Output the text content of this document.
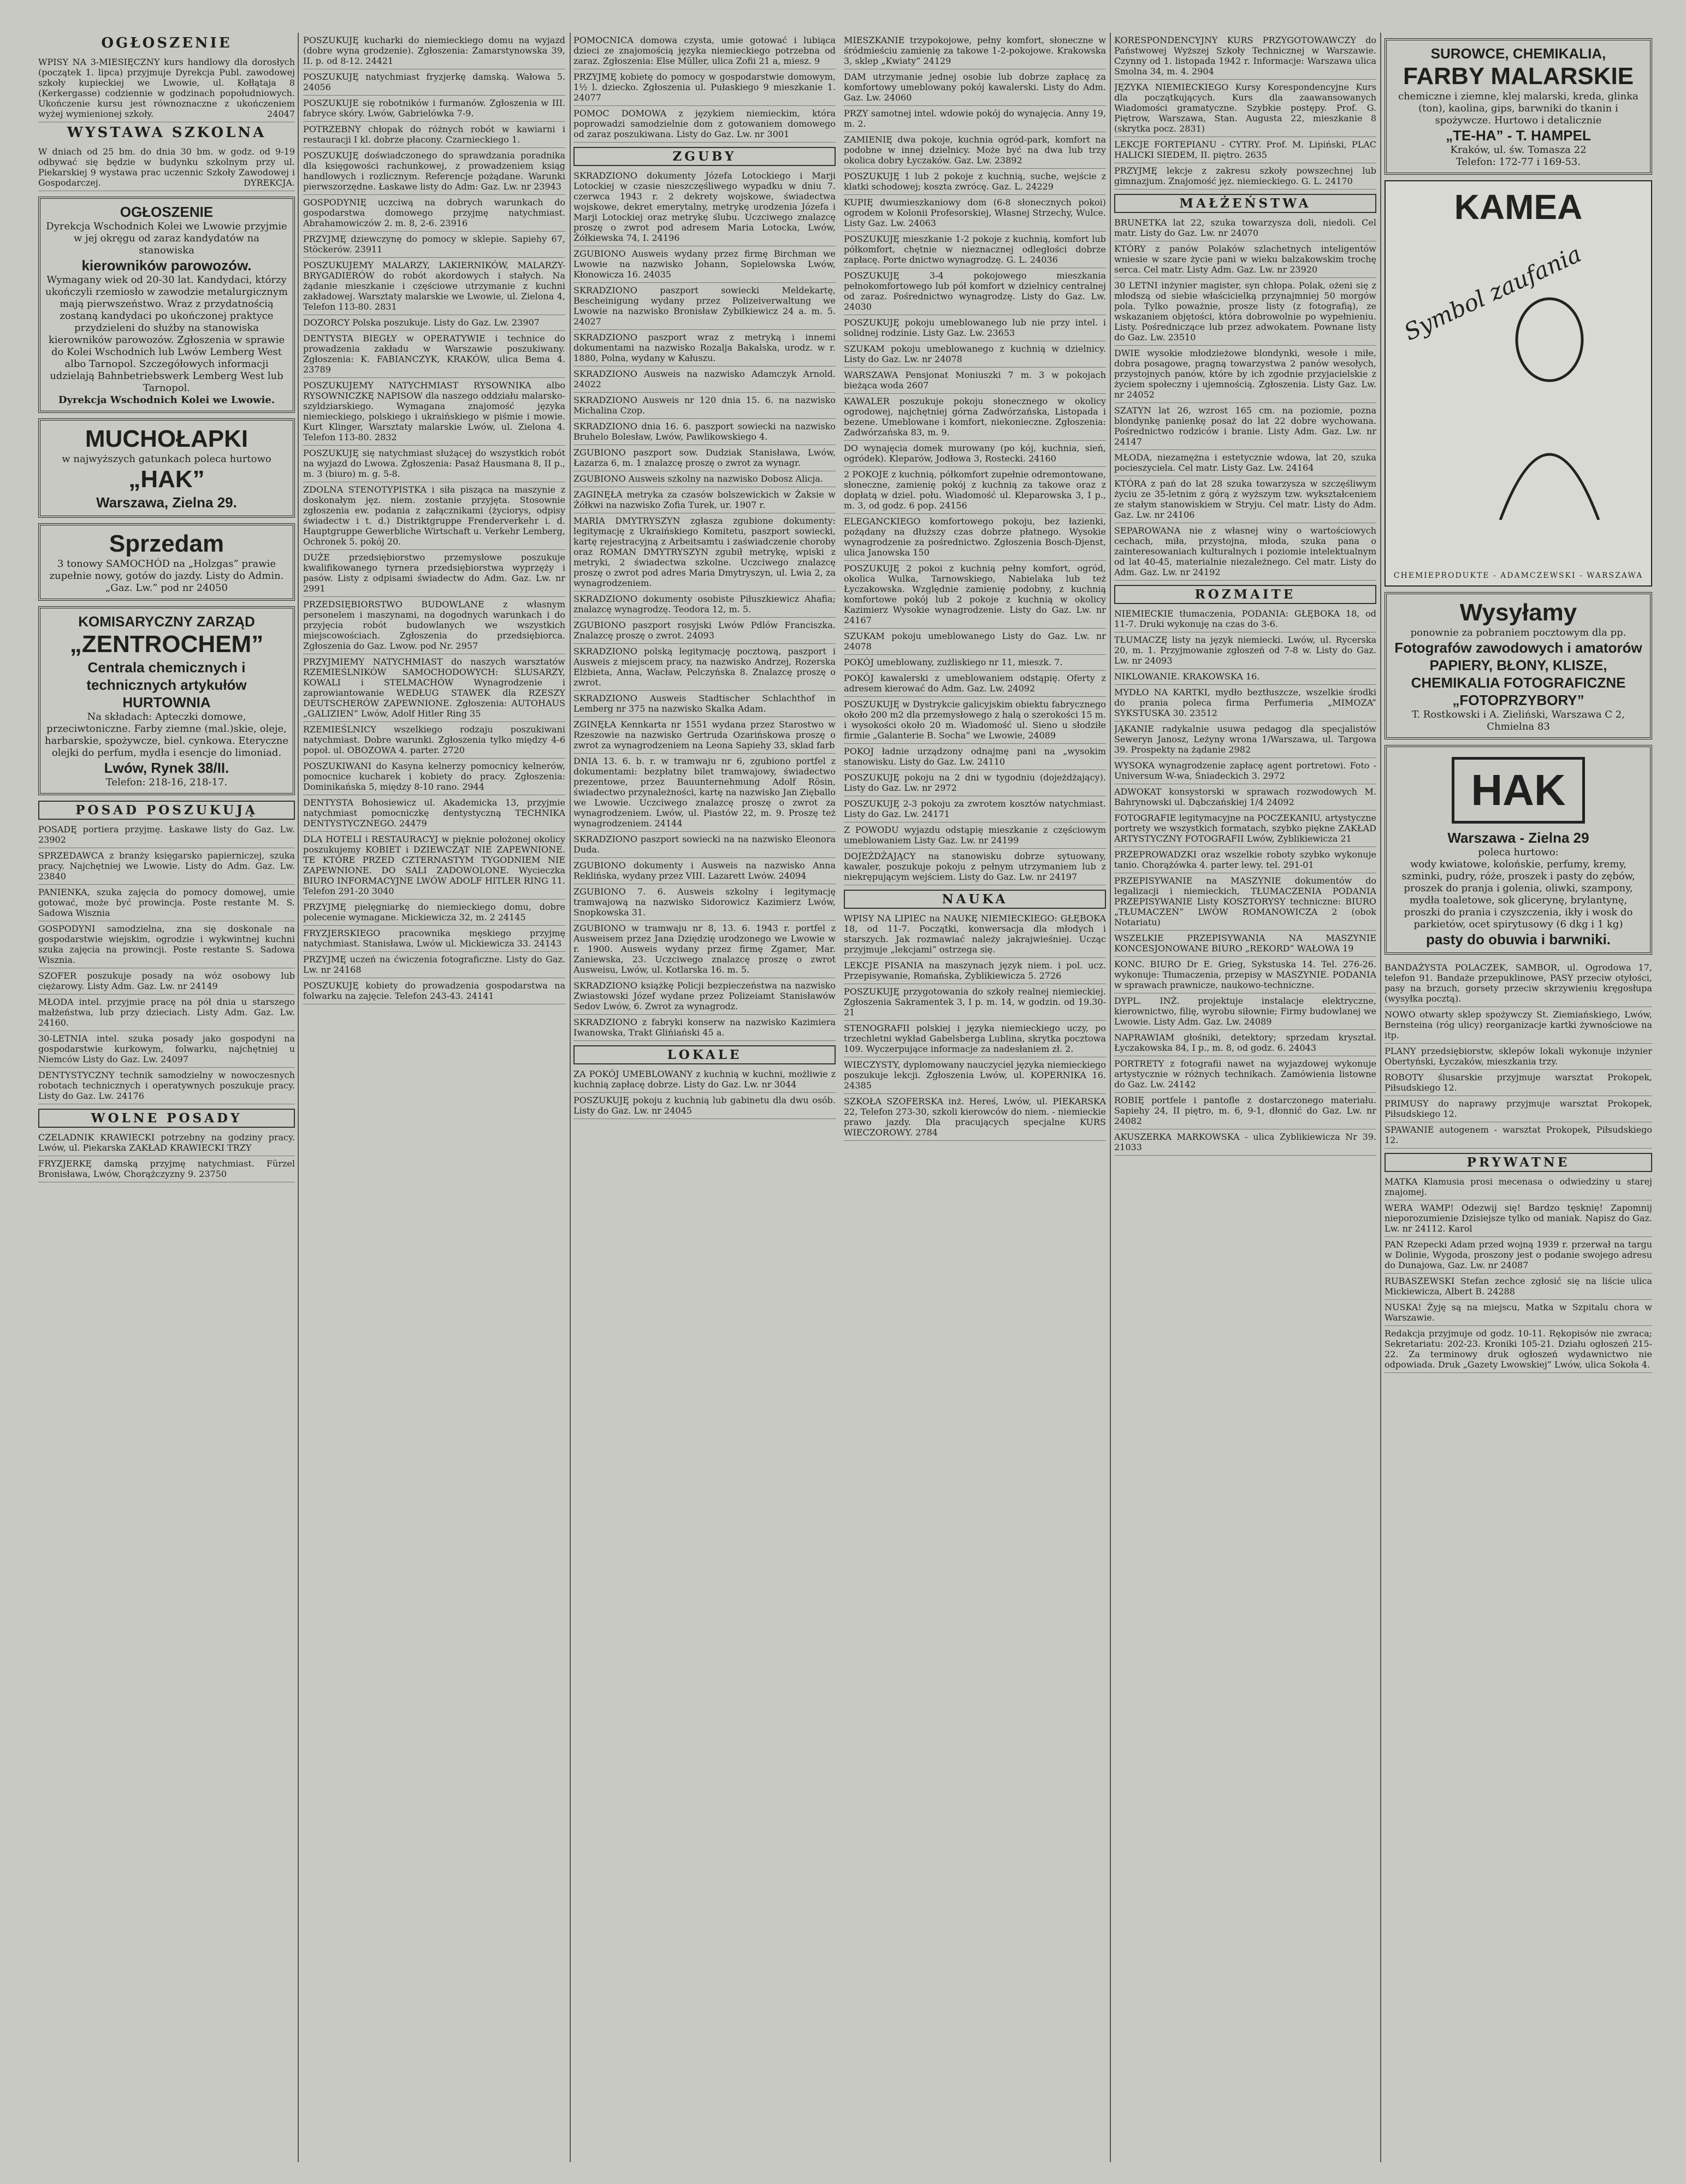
OGŁOSZENIE
WPISY NA 3-MIESIĘCZNY kurs handlowy dla dorosłych (początek 1. lipca) przyjmuje Dyrekcja Publ. zawodowej szkoły kupieckiej we Lwowie, ul. Kołłątaja 8 (Kerkergasse) codziennie w godzinach popołudniowych. Ukończenie kursu jest równoznaczne z ukończeniem wyżej wymienionej szkoły.	24047
WYSTAWA SZKOLNA
W dniach od 25 bm. do dnia 30 bm. w godz. od 9-19 odbywać się będzie w budynku szkolnym przy ul. Piekarskiej 9 wystawa prac uczennic Szkoły Zawodowej i Gospodarczej.	DYREKCJA.
OGŁOSZENIE
Dyrekcja Wschodnich Kolei we Lwowie przyjmie w jej okręgu od zaraz kandydatów na stanowiska
kierowników parowozów.
Wymagany wiek od 20-30 lat. Kandydaci, którzy ukończyli rzemiosło w zawodzie metalurgicznym mają pierwszeństwo. Wraz z przydatnością zostaną kandydaci po ukończonej praktyce przydzieleni do służby na stanowiska kierowników parowozów. Zgłoszenia w sprawie do Kolei Wschodnich lub Lwów Lemberg West albo Tarnopol. Szczegółowych informacji udzielają Bahnbetriebswerk Lemberg West lub Tarnopol.
Dyrekcja Wschodnich Kolei we Lwowie.
MUCHOŁAPKI
w najwyższych gatunkach poleca hurtowo
„HAK”
Warszawa, Zielna 29.
Sprzedam
3 tonowy SAMOCHÓD na „Holzgas” prawie zupełnie nowy, gotów do jazdy. Listy do Admin. „Gaz. Lw.” pod nr 24050
KOMISARYCZNY ZARZĄD
„ZENTROCHEM”
Centrala chemicznych i technicznych artykułów HURTOWNIA
Na składach: Apteczki domowe, przeciwtoniczne. Farby ziemne (mal.)skie, oleje, harbarskie, spożywcze, biel. cynkowa. Eteryczne olejki do perfum, mydła i esencje do limoniad.
Lwów, Rynek 38/II.
Telefon: 218-16, 218-17.
POSAD POSZUKUJĄ
POSADĘ portiera przyjmę. Łaskawe listy do Gaz. Lw. 23902
SPRZEDAWCA z branży księgarsko papierniczej, szuka pracy. Najchętniej we Lwowie. Listy do Adm. Gaz. Lw. 23840
PANIENKA, szuka zajęcia do pomocy domowej, umie gotować, może być prowincja. Poste restante M. S. Sadowa Wisznia
GOSPODYNI samodzielna, zna się doskonale na gospodarstwie wiejskim, ogrodzie i wykwintnej kuchni szuka zajęcia na prowincji. Poste restante S. Sadowa Wisznia.
SZOFER poszukuje posady na wóz osobowy lub ciężarowy. Listy Adm. Gaz. Lw. nr 24149
MŁODA intel. przyjmie pracę na pół dnia u starszego małżeństwa, lub przy dzieciach. Listy Adm. Gaz. Lw. 24160.
30-LETNIA intel. szuka posady jako gospodyni na gospodarstwie kurkowym, folwarku, najchętniej u Niemców Listy do Gaz. Lw. 24097
DENTYSTYCZNY technik samodzielny w nowoczesnych robotach technicznych i operatywnych poszukuje pracy. Listy do Gaz. Lw. 24176
WOLNE POSADY
CZELADNIK KRAWIECKI potrzebny na godziny pracy. Lwów, ul. Piekarska ZAKŁAD KRAWIECKI TRZY
FRYZJERKĘ damską przyjmę natychmiast. Fürzel Bronisława, Lwów, Chorążczyzny 9. 23750
POSZUKUJĘ kucharki do niemieckiego domu na wyjazd (dobre wyna grodzenie). Zgłoszenia: Zamarstynowska 39, II. p. od 8-12. 24421
POSZUKUJĘ natychmiast fryzjerkę damską. Wałowa 5. 24056
POSZUKUJE się robotników i furmanów. Zgłoszenia w III. fabryce skóry. Lwów, Gabrielówka 7-9.
POTRZEBNY chłopak do różnych robót w kawiarni i restauracji I kl. dobrze płacony. Czarnieckiego 1.
POSZUKUJĘ doświadczonego do sprawdzania poradnika dla księgowości rachunkowej, z prowadzeniem ksiąg handlowych i rozlicznym. Referencje pożądane. Warunki pierwszorzędne. Łaskawe listy do Adm: Gaz. Lw. nr 23943
GOSPODYNIĘ uczciwą na dobrych warunkach do gospodarstwa domowego przyjmę natychmiast. Abrahamowiczów 2. m. 8, 2-6. 23916
PRZYJMĘ dziewczynę do pomocy w sklepie. Sapiehy 67, Stöckerów. 23911
POSZUKUJEMY MALARZY, LAKIERNIKÓW, MALARZY-BRYGADIERÓW do robót akordowych i stałych. Na żądanie mieszkanie i częściowe utrzymanie z kuchni zakładowej. Warsztaty malarskie we Lwowie, ul. Zielona 4, Telefon 113-80. 2831
DOZORCY Polska poszukuje. Listy do Gaz. Lw. 23907
DENTYSTA BIEGŁY w OPERATYWIE i technice do prowadzenia zakładu w Warszawie poszukiwany. Zgłoszenia: K. FABIANCZYK, KRAKÓW, ulica Bema 4. 23789
POSZUKUJEMY NATYCHMIAST RYSOWNIKA albo RYSOWNICZKĘ NAPISOW dla naszego oddziału malarsko-szyldziarskiego. Wymagana znajomość języka niemieckiego, polskiego i ukraińskiego w piśmie i mowie. Kurt Klinger, Warsztaty malarskie Lwów, ul. Zielona 4. Telefon 113-80. 2832
POSZUKUJĘ się natychmiast służącej do wszystkich robót na wyjazd do Lwowa. Zgłoszenia: Pasaż Hausmana 8, II p., m. 3 (biuro) m. g. 5-8.
ZDOLNA STENOTYPISTKA i siła pisząca na maszynie z doskonałym jęz. niem. zostanie przyjęta. Stosownie zgłoszenia ew. podania z załącznikami (życiorys, odpisy świadectw i t. d.) Distriktgruppe Frenderverkehr i. d. Hauptgruppe Gewerbliche Wirtschaft u. Verkehr Lemberg, Ochronek 5. pokój 20.
DUŻE przedsiębiorstwo przemysłowe poszukuje kwalifikowanego tyrnera przedsiębiorstwa wyprzęży i pasów. Listy z odpisami świadectw do Adm. Gaz. Lw. nr 2991
PRZEDSIĘBIORSTWO BUDOWLANE z własnym personelem i maszynami, na dogodnych warunkach i do przyjęcia robót budowlanych we wszystkich miejscowościach. Zgłoszenia do przedsiębiorca. Zgłoszenia do Gaz. Lwow. pod Nr. 2957
PRZYJMIEMY NATYCHMIAST do naszych warsztatów RZEMIEŚLNIKÓW SAMOCHODOWYCH: ŚLUSARZY, KOWALI i STELMACHÓW Wynagrodzenie i zaprowiantowanie WEDŁUG STAWEK dla RZESZY DEUTSCHERÓW ZAPEWNIONE. Zgłoszenia: AUTOHAUS „GALIZIEN” Lwów, Adolf Hitler Ring 35
RZEMIEŚLNICY wszelkiego rodzaju poszukiwani natychmiast. Dobre warunki. Zgłoszenia tylko między 4-6 popoł. ul. OBOZOWA 4. parter. 2720
POSZUKIWANI do Kasyna kelnerzy pomocnicy kelnerów, pomocnice kucharek i kobiety do pracy. Zgłoszenia: Dominikańska 5, między 8-10 rano. 2944
DENTYSTA Bohosiewicz ul. Akademicka 13, przyjmie natychmiast pomocniczkę dentystyczną TECHNIKA DENTYSTYCZNEGO. 24479
DLA HOTELI i RESTAURACYJ w pięknie położonej okolicy poszukujemy KOBIET i DZIEWCZĄT NIE ZAPEWNIONE. TE KTÓRE PRZED CZTERNASTYM TYGODNIEM NIE ZAPEWNIONE. DO SALI ZADOWOLONE. Wycieczka BIURO INFORMACYJNE LWÓW ADOLF HITLER RING 11. Telefon 291-20 3040
PRZYJMĘ pielęgniarkę do niemieckiego domu, dobre polecenie wymagane. Mickiewicza 32, m. 2 24145
FRYZJERSKIEGO pracownika męskiego przyjmę natychmiast. Stanisława, Lwów ul. Mickiewicza 33. 24143
PRZYJMĘ uczeń na ćwiczenia fotograficzne. Listy do Gaz. Lw. nr 24168
POSZUKUJĘ kobiety do prowadzenia gospodarstwa na folwarku na zajęcie. Telefon 243-43. 24141
POMOCNICA domowa czysta, umie gotować i lubiąca dzieci ze znajomością języka niemieckiego potrzebna od zaraz. Zgłoszenia: Else Müller, ulica Zofii 21 a, miesz. 9
PRZYJMĘ kobietę do pomocy w gospodarstwie domowym, 1½ l. dziecko. Zgłoszenia ul. Pułaskiego 9 mieszkanie 1. 24077
POMOC DOMOWA z językiem niemieckim, która poprowadzi samodzielnie dom z gotowaniem domowego od zaraz poszukiwana. Listy do Gaz. Lw. nr 3001
ZGUBY
SKRADZIONO dokumenty Józefa Lotockiego i Marji Lotockiej w czasie nieszczęśliwego wypadku w dniu 7. czerwca 1943 r. 2 dekrety wojskowe, świadectwa wojskowe, dekret emerytalny, metrykę urodzenia Józefa i Marji Lotockiej oraz metrykę ślubu. Uczciwego znalazcę proszę o zwrot pod adresem Maria Lotocka, Lwów, Żółkiewska 74, I. 24196
ZGUBIONO Ausweis wydany przez firmę Birchman we Lwowie na nazwisko Johann, Sopielowska Lwów, Kłonowicza 16. 24035
SKRADZIONO paszport sowiecki Meldekartę, Bescheinigung wydany przez Polizeiverwaltung we Lwowie na nazwisko Bronisław Zybilkiewicz 24 a. m. 5. 24027
SKRADZIONO paszport wraz z metryką i innemi dokumentami na nazwisko Rozalja Bakalska, urodz. w r. 1880, Polna, wydany w Kałuszu.
SKRADZIONO Ausweis na nazwisko Adamczyk Arnold. 24022
SKRADZIONO Ausweis nr 120 dnia 15. 6. na nazwisko Michalina Czop.
SKRADZIONO dnia 16. 6. paszport sowiecki na nazwisko Bruhelo Bolesław, Lwów, Pawlikowskiego 4.
ZGUBIONO paszport sow. Dudziak Stanisława, Lwów, Łazarza 6, m. 1 znalazcę proszę o zwrot za wynagr.
ZGUBIONO Ausweis szkolny na nazwisko Dobosz Alicja.
ZAGINĘŁA metryka za czasów bolszewickich w Żaksie w Żółkwi na nazwisko Zofia Turek, ur. 1907 r.
MARIA DMYTRYSZYN zgłasza zgubione dokumenty: legitymację z Ukraińskiego Komitetu, paszport sowiecki, kartę rejestracyjną z Arbeitsamtu i zaświadczenie choroby oraz ROMAN DMYTRYSZYN zgubił metrykę, wpiski z metryki, 2 świadectwa szkolne. Uczciwego znalazcę proszę o zwrot pod adres Maria Dmytryszyn, ul. Lwia 2, za wynagrodzeniem.
SKRADZIONO dokumenty osobiste Piłuszkiewicz Ahafia; znalazcę wynagrodzę. Teodora 12, m. 5.
ZGUBIONO paszport rosyjski Lwów Pdlów Franciszka. Znalazcę proszę o zwrot. 24093
SKRADZIONO polską legitymację pocztową, paszport i Ausweis z miejscem pracy, na nazwisko Andrzej, Rozerska Elżbieta, Anna, Wacław, Pelczyńska 8. Znalazcę proszę o zwrot.
SKRADZIONO Ausweis Stadtischer Schlachthof in Lemberg nr 375 na nazwisko Skalka Adam.
ZGINĘŁA Kennkarta nr 1551 wydana przez Starostwo w Rzeszowie na nazwisko Gertruda Ozarińskowa proszę o zwrot za wynagrodzeniem na Leona Sapiehy 33, sklad farb
DNIA 13. 6. b. r. w tramwaju nr 6, zgubiono portfel z dokumentami: bezpłatny bilet tramwajowy, świadectwo prezentowe, przez Bauunternehmung Adolf Rösin, świadectwo przynależności, kartę na nazwisko Jan Zięballo we Lwowie. Uczciwego znalazcę proszę o zwrot za wynagrodzeniem. Lwów, ul. Piastów 22, m. 9. Proszę też wynagrodzeniem. 24144
SKRADZIONO paszport sowiecki na na nazwisko Eleonora Duda.
ZGUBIONO dokumenty i Ausweis na nazwisko Anna Reklińska, wydany przez VIII. Lazarett Lwów. 24094
ZGUBIONO 7. 6. Ausweis szkolny i legitymację tramwajową na nazwisko Sidorowicz Kazimierz Lwów, Snopkowska 31.
ZGUBIONO w tramwaju nr 8, 13. 6. 1943 r. portfel z Ausweisem przez Jana Dziędzię urodzonego we Lwowie w r. 1900. Ausweis wydany przez firmę Zgamer, Mar. Zaniewska, 23. Uczciwego znalazcę proszę o zwrot Ausweisu, Lwów, ul. Kotlarska 16. m. 5.
SKRADZIONO książkę Policji bezpieczeństwa na nazwisko Zwiastowski Józef wydane przez Polizeiamt Stanisławów Sedov Lwów, 6. Zwrot za wynagrodz.
SKRADZIONO z fabryki konserw na nazwisko Kazimiera Iwanowska, Trakt Glińiański 45 a.
LOKALE
ZA POKÓJ UMEBLOWANY z kuchnią w kuchni, możliwie z kuchnią zapłacę dobrze. Listy do Gaz. Lw. nr 3044
POSZUKUJĘ pokoju z kuchnią lub gabinetu dla dwu osób. Listy do Gaz. Lw. nr 24045
MIESZKANIE trzypokojowe, pełny komfort, słoneczne w śródmieściu zamienię za takowe 1-2-pokojowe. Krakowska 3, sklep „Kwiaty” 24129
DAM utrzymanie jednej osobie lub dobrze zapłacę za komfortowy umeblowany pokój kawalerski. Listy do Adm. Gaz. Lw. 24060
PRZY samotnej intel. wdowie pokój do wynajęcia. Anny 19, m. 2.
ZAMIENIĘ dwa pokoje, kuchnia ogród-park, komfort na podobne w innej dzielnicy. Może być na dwa lub trzy okolica dobry Łyczaków. Gaz. Lw. 23892
POSZUKUJĘ 1 lub 2 pokoje z kuchnią, suche, wejście z klatki schodowej; koszta zwrócę. Gaz. L. 24229
KUPIĘ dwumieszkaniowy dom (6-8 słonecznych pokoi) ogrodem w Kolonii Profesorskiej, Własnej Strzechy, Wulce. Listy Gaz. Lw. 24063
POSZUKUJĘ mieszkanie 1-2 pokoje z kuchnią, komfort lub półkomfort, chętnie w nieznacznej odległości dobrze zapłacę. Porte dnictwo wynagrodzę. G. L. 24036
POSZUKUJĘ 3-4 pokojowego mieszkania pełnokomfortowego lub pół komfort w dzielnicy centralnej od zaraz. Pośrednictwo wynagrodzę. Listy do Gaz. Lw. 24030
POSZUKUJĘ pokoju umeblowanego lub nie przy intel. i solidnej rodzinie. Listy Gaz. Lw. 23653
SZUKAM pokoju umeblowanego z kuchnią w dzielnicy. Listy do Gaz. Lw. nr 24078
WARSZAWA Pensjonat Moniuszki 7 m. 3 w pokojach bieżąca woda 2607
KAWALER poszukuje pokoju słonecznego w okolicy ogrodowej, najchętniej górna Zadwórzańska, Listopada i bezene. Umeblowane i komfort, niekonieczne. Zgłoszenia: Zadwórzańska 83, m. 9.
DO wynajęcia domek murowany (po kój, kuchnia, sień, ogródek). Kleparów, Jodłowa 3, Rostecki. 24160
2 POKOJE z kuchnią, półkomfort zupełnie odremontowane, słoneczne, zamienię pokój z kuchnią za takowe oraz z dopłatą w dziel. połu. Wiadomość ul. Kleparowska 3, I p., m. 3, od godz. 6 pop. 24156
ELEGANCKIEGO komfortowego pokoju, bez łazienki, pożądany na dłuższy czas dobrze płatnego. Wysokie wynagrodzenie za pośrednictwo. Zgłoszenia Bosch-Djenst, ulica Janowska 150
POSZUKUJĘ 2 pokoi z kuchnią pełny komfort, ogród, okolica Wulka, Tarnowskiego, Nabielaka lub też Łyczakowska. Względnie zamienię podobny, z kuchnią komfortowe pokój lub 2 pokoje z kuchnią w okolicy Kazimierz Wysokie wynagrodzenie. Listy do Gaz. Lw. nr 24167
SZUKAM pokoju umeblowanego Listy do Gaz. Lw. nr 24078
POKÓJ umeblowany, zużliskiego nr 11, mieszk. 7.
POKÓJ kawalerski z umeblowaniem odstąpię. Oferty z adresem kierować do Adm. Gaz. Lw. 24092
POSZUKUJĘ w Dystrykcie galicyjskim obiektu fabrycznego około 200 m2 dla przemysłowego z halą o szerokości 15 m. i wysokości około 20 m. Wiadomość ul. Sieno u słodziłe firmie „Galanterie B. Socha” we Lwowie, 24089
POKOJ ładnie urządzony odnajmę pani na „wysokim stanowisku. Listy do Gaz. Lw. 24110
POSZUKUJĘ pokoju na 2 dni w tygodniu (dojeżdżający). Listy do Gaz. Lw. nr 2972
POSZUKUJĘ 2-3 pokoju za zwrotem kosztów natychmiast. Listy do Gaz. Lw. 24171
Z POWODU wyjazdu odstąpię mieszkanie z częściowym umeblowaniem Listy Gaz. Lw. nr 24199
DOJEŻDŻAJĄCY na stanowisku dobrze sytuowany, kawaler, poszukuje pokoju z pełnym utrzymaniem lub z niekrępującym wejściem. Listy do Gaz. Lw. nr 24197
NAUKA
WPISY NA LIPIEC na NAUKĘ NIEMIECKIEGO: GŁĘBOKA 18, od 11-7. Początki, konwersacja dla młodych i starszych. Jak rozmawiać należy jakrajwieśniej. Ucząc przyjmuje „lekcjami” ostrzega się.
LEKCJE PISANIA na maszynach język niem. i pol. ucz. Przepisywanie, Romańska, Zyblikiewicza 5. 2726
POSZUKUJĘ przygotowania do szkoły realnej niemieckiej. Zgłoszenia Sakramentek 3, I p. m. 14, w godzin. od 19.30-21
STENOGRAFII polskiej i języka niemieckiego uczy, po trzechletni wykład Gabelsberga Lublina, skrytka pocztowa 109. Wyczerpujące informacje za nadesłaniem zł. 2.
WIECZYSTY, dyplomowany nauczyciel języka niemieckiego poszukuje lekcji. Zgłoszenia Lwów, ul. KOPERNIKA 16. 24385
SZKOŁA SZOFERSKA inż. Hereś, Lwów, ul. PIEKARSKA 22, Telefon 273-30, szkoli kierowców do niem. - niemieckie prawo jazdy. Dla pracujących specjalne KURS WIECZOROWY. 2784
KORESPONDENCYJNY KURS PRZYGOTOWAWCZY do Państwowej Wyższej Szkoły Technicznej w Warszawie. Czynny od 1. listopada 1942 r. Informacje: Warszawa ulica Smolna 34, m. 4. 2904
JĘZYKA NIEMIECKIEGO Kursy Korespondencyjne Kurs dla początkujących. Kurs dla zaawansowanych Wiadomości gramatyczne. Szybkie postępy. Prof. G. Piętrow, Warszawa, Stan. Augusta 22, mieszkanie 8 (skrytka pocz. 2831)
LEKCJE FORTEPIANU - CYTRY. Prof. M. Lipiński, PLAC HALICKI SIEDEM, II. piętro. 2635
PRZYJMĘ lekcje z zakresu szkoły powszechnej lub gimnazjum. Znajomość jęz. niemieckiego. G. L. 24170
MAŁŻEŃSTWA
BRUNETKA lat 22, szuka towarzysza doli, niedoli. Cel matr. Listy do Gaz. Lw. nr 24070
KTÓRY z panów Polaków szlachetnych inteligentów wniesie w szare życie pani w wieku balzakowskim trochę serca. Cel matr. Listy Adm. Gaz. Lw. nr 23920
30 LETNI inżynier magister, syn chłopa. Polak, ożeni się z młodszą od siebie właścicielką przynajmniej 50 morgów pola. Tylko poważnie, prosze listy (z fotografią), ze wskazaniem objętości, która dobrowolnie po wypełnieniu. Listy. Pośredniczące lub przez adwokatem. Pownane listy do Gaz. Lw. 23510
DWIE wysokie młodzieżowe blondynki, wesołe i miłe, dobra posagowe, pragną towarzystwa 2 panów wesołych, przystojnych panów, które by ich zgodnie przyjacielskie z życiem społeczny i ujemnością. Zgłoszenia. Listy Gaz. Lw. nr 24052
SZATYN lat 26, wzrost 165 cm. na poziomie, pozna blondynkę panienkę posaż do lat 22 dobre wychowana. Pośrednictwo rodziców i branie. Listy Adm. Gaz. Lw. nr 24147
MŁODA, niezamężna i estetycznie wdowa, lat 20, szuka pocieszyciela. Cel matr. Listy Gaz. Lw. 24164
KTÓRA z pań do lat 28 szuka towarzysza w szczęśliwym życiu ze 35-letnim z górą z wyższym tzw. wykształceniem ze stałym stanowiskiem w Stryju. Cel matr. Listy do Adm. Gaz. Lw. nr 24106
SEPAROWANA nie z własnej winy o wartościowych cechach, miła, przystojna, młoda, szuka pana o zainteresowaniach kulturalnych i poziomie intelektualnym od lat 40-45, materialnie niezależnego. Cel matr. Listy do Adm. Gaz. Lw. nr 24192
ROZMAITE
NIEMIECKIE tłumaczenia, PODANIA: GŁĘBOKA 18, od 11-7. Druki wykonuję na czas do 3-6.
TŁUMACZĘ listy na język niemiecki. Lwów, ul. Rycerska 20, m. 1. Przyjmowanie zgłoszeń od 7-8 w. Listy do Gaz. Lw. nr 24093
NIKLOWANIE. KRAKOWSKA 16.
MYDŁO NA KARTKI, mydło beztłuszcze, wszelkie środki do prania poleca firma Perfumeria „MIMOZA” SYKSTUSKA 30. 23512
JĄKANIE radykalnie usuwa pedagog dla specjalistów Seweryn Janosz, Leżyny wrona 1/Warszawa, ul. Targowa 39. Prospekty na żądanie 2982
WYSOKA wynagrodzenie zapłacę agent portretowi. Foto - Universum W-wa, Śniadeckich 3. 2972
ADWOKAT konsystorski w sprawach rozwodowych M. Bahrynowski ul. Dąbczańskiej 1/4 24092
FOTOGRAFIE legitymacyjne na POCZEKANIU, artystyczne portrety we wszystkich formatach, szybko piękne ZAKŁAD ARTYSTYCZNY FOTOGRAFII Lwów, Zyblikiewicza 21
PRZEPROWADZKI oraz wszelkie roboty szybko wykonuje tanio. Chorążówka 4. parter lewy. tel. 291-01
PRZEPISYWANIE na MASZYNIE dokumentów do legalizacji i niemieckich, TŁUMACZENIA PODANIA PRZEPISYWANIE Listy KOSZTORYSY techniczne: BIURO „TŁUMACZEŃ” LWÓW ROMANOWICZA 2 (obok Notariatu)
WSZELKIE PRZEPISYWANIA NA MASZYNIE KONCESJONOWANE BIURO „REKORD” WAŁOWA 19
KONC. BIURO Dr E. Grieg, Sykstuska 14. Tel. 276-26. wykonuje: Tłumaczenia, przepisy w MASZYNIE. PODANIA w sprawach prawnicze, naukowo-techniczne.
DYPL. INŻ. projektuje instalacje elektryczne, kierownictwo, filię, wyrobu siłownie; Firmy budowlanej we Lwowie. Listy Adm. Gaz. Lw. 24089
NAPRAWIAM głośniki, detektory; sprzedam kryształ. Łyczakowska 84, I p., m. 8, od godz. 6. 24043
PORTRETY z fotografii nawet na wyjazdowej wykonuje artystycznie w różnych technikach. Zamówienia listowne do Gaz. Lw. 24142
ROBIĘ portfele i pantofle z dostarczonego materiału. Sapiehy 24, II piętro, m. 6, 9-1, dłonnić do Gaz. Lw. nr 24082
AKUSZERKA MARKOWSKA - ulica Zyblikiewicza Nr 39. 21033
SUROWCE, CHEMIKALIA,
FARBY MALARSKIE
chemiczne i ziemne, klej malarski, kreda, glinka (ton), kaolina, gips, barwniki do tkanin i spożywcze. Hurtowo i detalicznie
„TE-HA” - T. HAMPEL
Kraków, ul. św. Tomasza 22
Telefon: 172-77 i 169-53.
KAMEA
Symbol zaufania
CHEMIEPRODUKTE - ADAMCZEWSKI - WARSZAWA
Wysyłamy
ponownie za pobraniem pocztowym dla pp.
Fotografów zawodowych i amatorów
PAPIERY, BŁONY, KLISZE, CHEMIKALIA FOTOGRAFICZNE
„FOTOPRZYBORY”
T. Rostkowski i A. Zieliński, Warszawa C 2, Chmielna 83
HAK
Warszawa - Zielna 29
poleca hurtowo:
wody kwiatowe, kolońskie, perfumy, kremy, szminki, pudry, róże, proszek i pasty do zębów, proszek do pranja i golenia, oliwki, szampony, mydła toaletowe, sok glicerynę, brylantynę, proszki do prania i czyszczenia, ikły i wosk do parkietów, ocet spirytusowy (6 dkg i 1 kg)
pasty do obuwia i barwniki.
BANDAŻYSTA POLACZEK, SAMBOR, ul. Ogrodowa 17, telefon 91. Bandaże przepuklinowe, PASY przeciw otyłości, pasy na brzuch, gorsety przeciw skrzywieniu kręgosłupa (wysyłka pocztą).
NOWO otwarty sklep spożywczy St. Ziemiańskiego, Lwów, Bernsteina (róg ulicy) reorganizacje kartki żywnościowe na itp.
PLANY przedsiębiorstw, sklepów lokali wykonuje inżynier Obertyński, Łyczaków, mieszkania trzy.
ROBOTY ślusarskie przyjmuje warsztat Prokopek, Piłsudskiego 12.
PRIMUSY do naprawy przyjmuje warsztat Prokopek, Piłsudskiego 12.
SPAWANIE autogenem - warsztat Prokopek, Piłsudskiego 12.
PRYWATNE
MATKA Klamusia prosi mecenasa o odwiedziny u starej znajomej.
WERA WAMP! Odezwij się! Bardzo tęsknię! Zapomnij nieporozumienie Dzisiejsze tylko od maniak. Napisz do Gaz. Lw. nr 24112. Karol
PAN Rzepecki Adam przed wojną 1939 r. przerwał na targu w Dolinie, Wygoda, proszony jest o podanie swojego adresu do Dunajowa, Gaz. Lw. nr 24087
RUBASZEWSKI Stefan zechce zgłosić się na liście ulica Mickiewicza, Albert B. 24288
NUSKA! Żyję są na miejscu, Matka w Szpitalu chora w Warszawie.
Redakcja przyjmuje od godz. 10-11. Rękopisów nie zwraca; Sekretariatu: 202-23. Kroniki 105-21. Działu ogłoszeń 215-22. Za terminowy druk ogłoszeń wydawnictwo nie odpowiada. Druk „Gazety Lwowskiej” Lwów, ulica Sokoła 4.
